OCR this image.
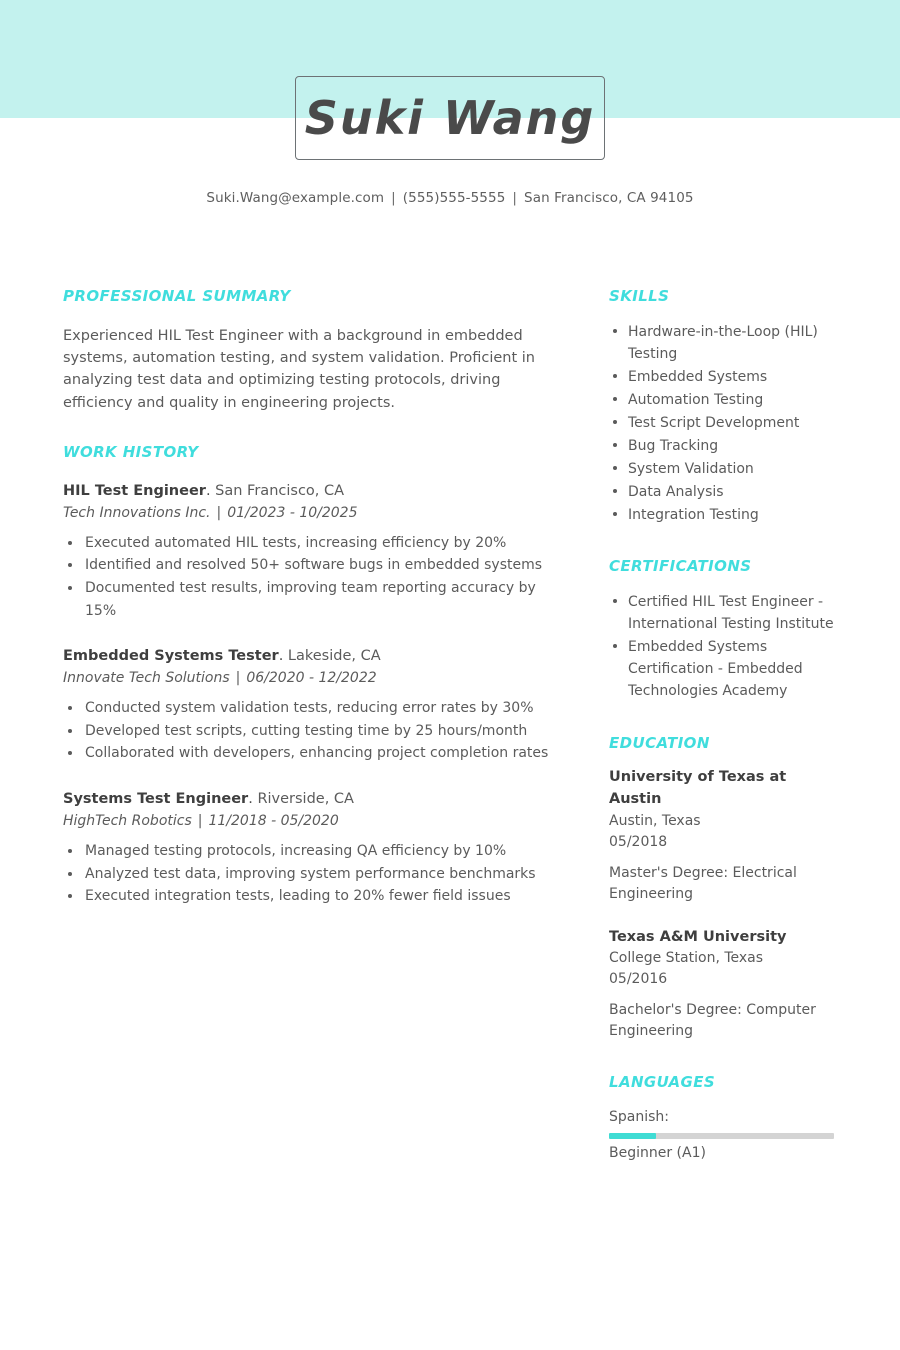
Suki Wang
Suki.Wang@example.com | (555)555-5555 | San Francisco, CA 94105
PROFESSIONAL SUMMARY

Experienced HIL Test Engineer with a background in embedded systems, automation testing, and system validation. Proficient in analyzing test data and optimizing testing protocols, driving efficiency and quality in engineering projects.

WORK HISTORY
HIL Test Engineer. San Francisco, CA
Tech Innovations Inc. | 01/2023 - 10/2025
Executed automated HIL tests, increasing efficiency by 20%
Identified and resolved 50+ software bugs in embedded systems
Documented test results, improving team reporting accuracy by 15%
Embedded Systems Tester. Lakeside, CA
Innovate Tech Solutions | 06/2020 - 12/2022
Conducted system validation tests, reducing error rates by 30%
Developed test scripts, cutting testing time by 25 hours/month
Collaborated with developers, enhancing project completion rates
Systems Test Engineer. Riverside, CA
HighTech Robotics | 11/2018 - 05/2020
Managed testing protocols, increasing QA efficiency by 10%
Analyzed test data, improving system performance benchmarks
Executed integration tests, leading to 20% fewer field issues
SKILLS
Hardware-in-the-Loop (HIL) Testing
Embedded Systems
Automation Testing
Test Script Development
Bug Tracking
System Validation
Data Analysis
Integration Testing
CERTIFICATIONS
Certified HIL Test Engineer - International Testing Institute
Embedded Systems Certification - Embedded Technologies Academy
EDUCATION
University of Texas at Austin
Austin, Texas
05/2018
Master's Degree: Electrical Engineering
Texas A&M University
College Station, Texas
05/2016
Bachelor's Degree: Computer Engineering
LANGUAGES
Spanish:
Beginner (A1)
